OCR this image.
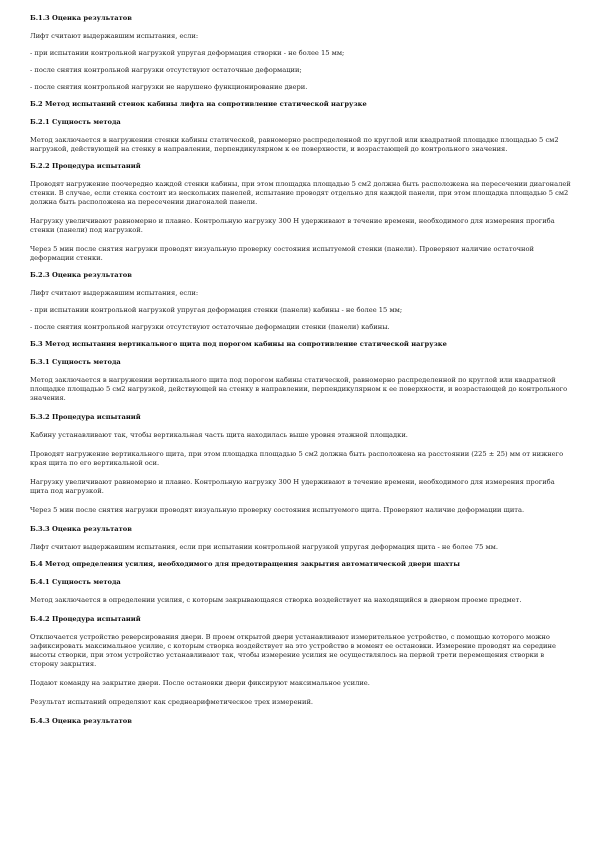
Б.1.3 Оценка результатов

Лифт считают выдержавшим испытания, если:

- при испытании контрольной нагрузкой упругая деформация створки - не более 15 мм;

- после снятия контрольной нагрузки отсутствуют остаточные деформации;

- после снятия контрольной нагрузки не нарушено функционирование двери.

Б.2 Метод испытаний стенок кабины лифта на сопротивление статической нагрузке

Б.2.1 Сущность метода

Метод заключается в нагружении стенки кабины статической, равномерно распределенной по круглой или квадратной площадке площадью 5 см2 нагрузкой, действующей на стенку в направлении, перпендикулярном к ее поверхности, и возрастающей до контрольного значения.

Б.2.2 Процедура испытаний

Проводят нагружение поочередно каждой стенки кабины, при этом площадка площадью 5 см2 должна быть расположена на пересечении диагоналей стенки. В случае, если стенка состоит из нескольких панелей, испытание проводят отдельно для каждой панели, при этом площадка площадью 5 см2 должна быть расположена на пересечении диагоналей панели.

Нагрузку увеличивают равномерно и плавно. Контрольную нагрузку 300 Н удерживают в течение времени, необходимого для измерения прогиба стенки (панели) под нагрузкой.

Через 5 мин после снятия нагрузки проводят визуальную проверку состояния испытуемой стенки (панели). Проверяют наличие остаточной деформации стенки.

Б.2.3 Оценка результатов

Лифт считают выдержавшим испытания, если:

- при испытании контрольной нагрузкой упругая деформация стенки (панели) кабины - не более 15 мм;

- после снятия контрольной нагрузки отсутствуют остаточные деформации стенки (панели) кабины.

Б.3 Метод испытания вертикального щита под порогом кабины на сопротивление статической нагрузке

Б.3.1 Сущность метода

Метод заключается в нагружении вертикального щита под порогом кабины статической, равномерно распределенной по круглой или квадратной площадке площадью 5 см2 нагрузкой, действующей на стенку в направлении, перпендикулярном к ее поверхности, и возрастающей до контрольного значения.

Б.3.2 Процедура испытаний

Кабину устанавливают так, чтобы вертикальная часть щита находилась выше уровня этажной площадки.

Проводят нагружение вертикального щита, при этом площадка площадью 5 см2 должна быть расположена на расстоянии (225 ± 25) мм от нижнего края щита по его вертикальной оси.

Нагрузку увеличивают равномерно и плавно. Контрольную нагрузку 300 Н удерживают в течение времени, необходимого для измерения прогиба щита под нагрузкой.

Через 5 мин после снятия нагрузки проводят визуальную проверку состояния испытуемого щита. Проверяют наличие деформации щита.

Б.3.3 Оценка результатов

Лифт считают выдержавшим испытания, если при испытании контрольной нагрузкой упругая деформация щита - не более 75 мм.

Б.4 Метод определения усилия, необходимого для предотвращения закрытия автоматической двери шахты

Б.4.1 Сущность метода

Метод заключается в определении усилия, с которым закрывающаяся створка воздействует на находящийся в дверном проеме предмет.

Б.4.2 Процедура испытаний

Отключается устройство реверсирования двери. В проем открытой двери устанавливают измерительное устройство, с помощью которого можно зафиксировать максимальное усилие, с которым створка воздействует на это устройство в момент ее остановки. Измерение проводят на середине высоты створки, при этом устройство устанавливают так, чтобы измерение усилия не осуществлялось на первой трети перемещения створки в сторону закрытия.

Подают команду на закрытие двери. После остановки двери фиксируют максимальное усилие.

Результат испытаний определяют как среднеарифметическое трех измерений.

Б.4.3 Оценка результатов
